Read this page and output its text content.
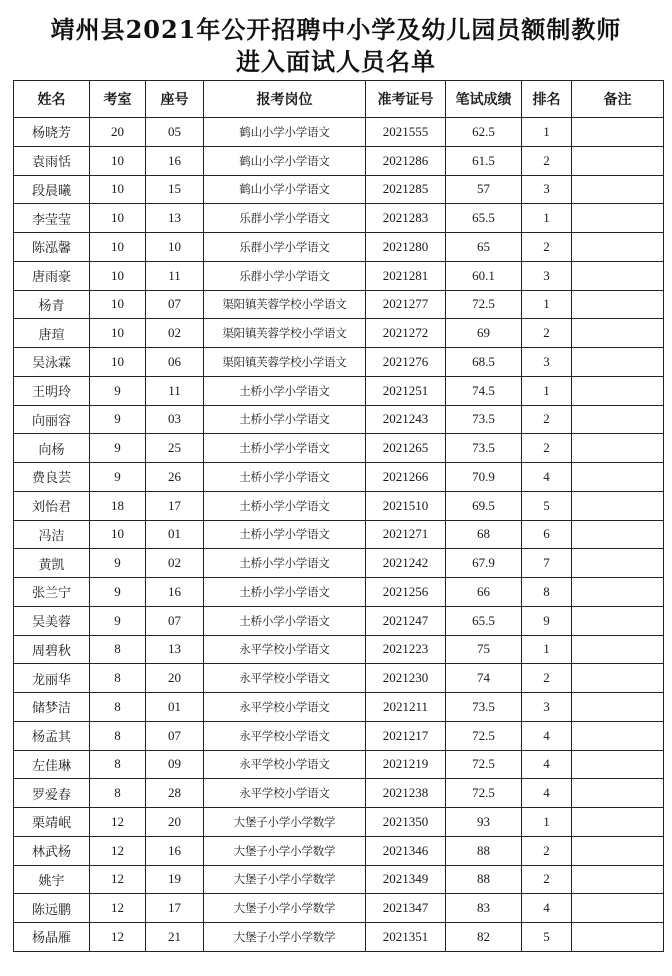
靖州县2021年公开招聘中小学及幼儿园员额制教师
进入面试人员名单
姓名	考室	座号	报考岗位	准考证号	笔试成绩	排名	备注
杨晓芳	20	05	鹤山小学小学语文	2021555	62.5	1	
袁雨恬	10	16	鹤山小学小学语文	2021286	61.5	2	
段晨曦	10	15	鹤山小学小学语文	2021285	57	3	
李莹莹	10	13	乐群小学小学语文	2021283	65.5	1	
陈泓馨	10	10	乐群小学小学语文	2021280	65	2	
唐雨豪	10	11	乐群小学小学语文	2021281	60.1	3	
杨青	10	07	渠阳镇芙蓉学校小学语文	2021277	72.5	1	
唐瑄	10	02	渠阳镇芙蓉学校小学语文	2021272	69	2	
吴泳霖	10	06	渠阳镇芙蓉学校小学语文	2021276	68.5	3	
王明玲	9	11	土桥小学小学语文	2021251	74.5	1	
向丽容	9	03	土桥小学小学语文	2021243	73.5	2	
向杨	9	25	土桥小学小学语文	2021265	73.5	2	
费良芸	9	26	土桥小学小学语文	2021266	70.9	4	
刘怡君	18	17	土桥小学小学语文	2021510	69.5	5	
冯洁	10	01	土桥小学小学语文	2021271	68	6	
黄凯	9	02	土桥小学小学语文	2021242	67.9	7	
张兰宁	9	16	土桥小学小学语文	2021256	66	8	
吴美蓉	9	07	土桥小学小学语文	2021247	65.5	9	
周碧秋	8	13	永平学校小学语文	2021223	75	1	
龙丽华	8	20	永平学校小学语文	2021230	74	2	
储梦洁	8	01	永平学校小学语文	2021211	73.5	3	
杨孟其	8	07	永平学校小学语文	2021217	72.5	4	
左佳琳	8	09	永平学校小学语文	2021219	72.5	4	
罗爱春	8	28	永平学校小学语文	2021238	72.5	4	
栗靖岷	12	20	大堡子小学小学数学	2021350	93	1	
林武杨	12	16	大堡子小学小学数学	2021346	88	2	
姚宇	12	19	大堡子小学小学数学	2021349	88	2	
陈远鹏	12	17	大堡子小学小学数学	2021347	83	4	
杨晶雁	12	21	大堡子小学小学数学	2021351	82	5	
